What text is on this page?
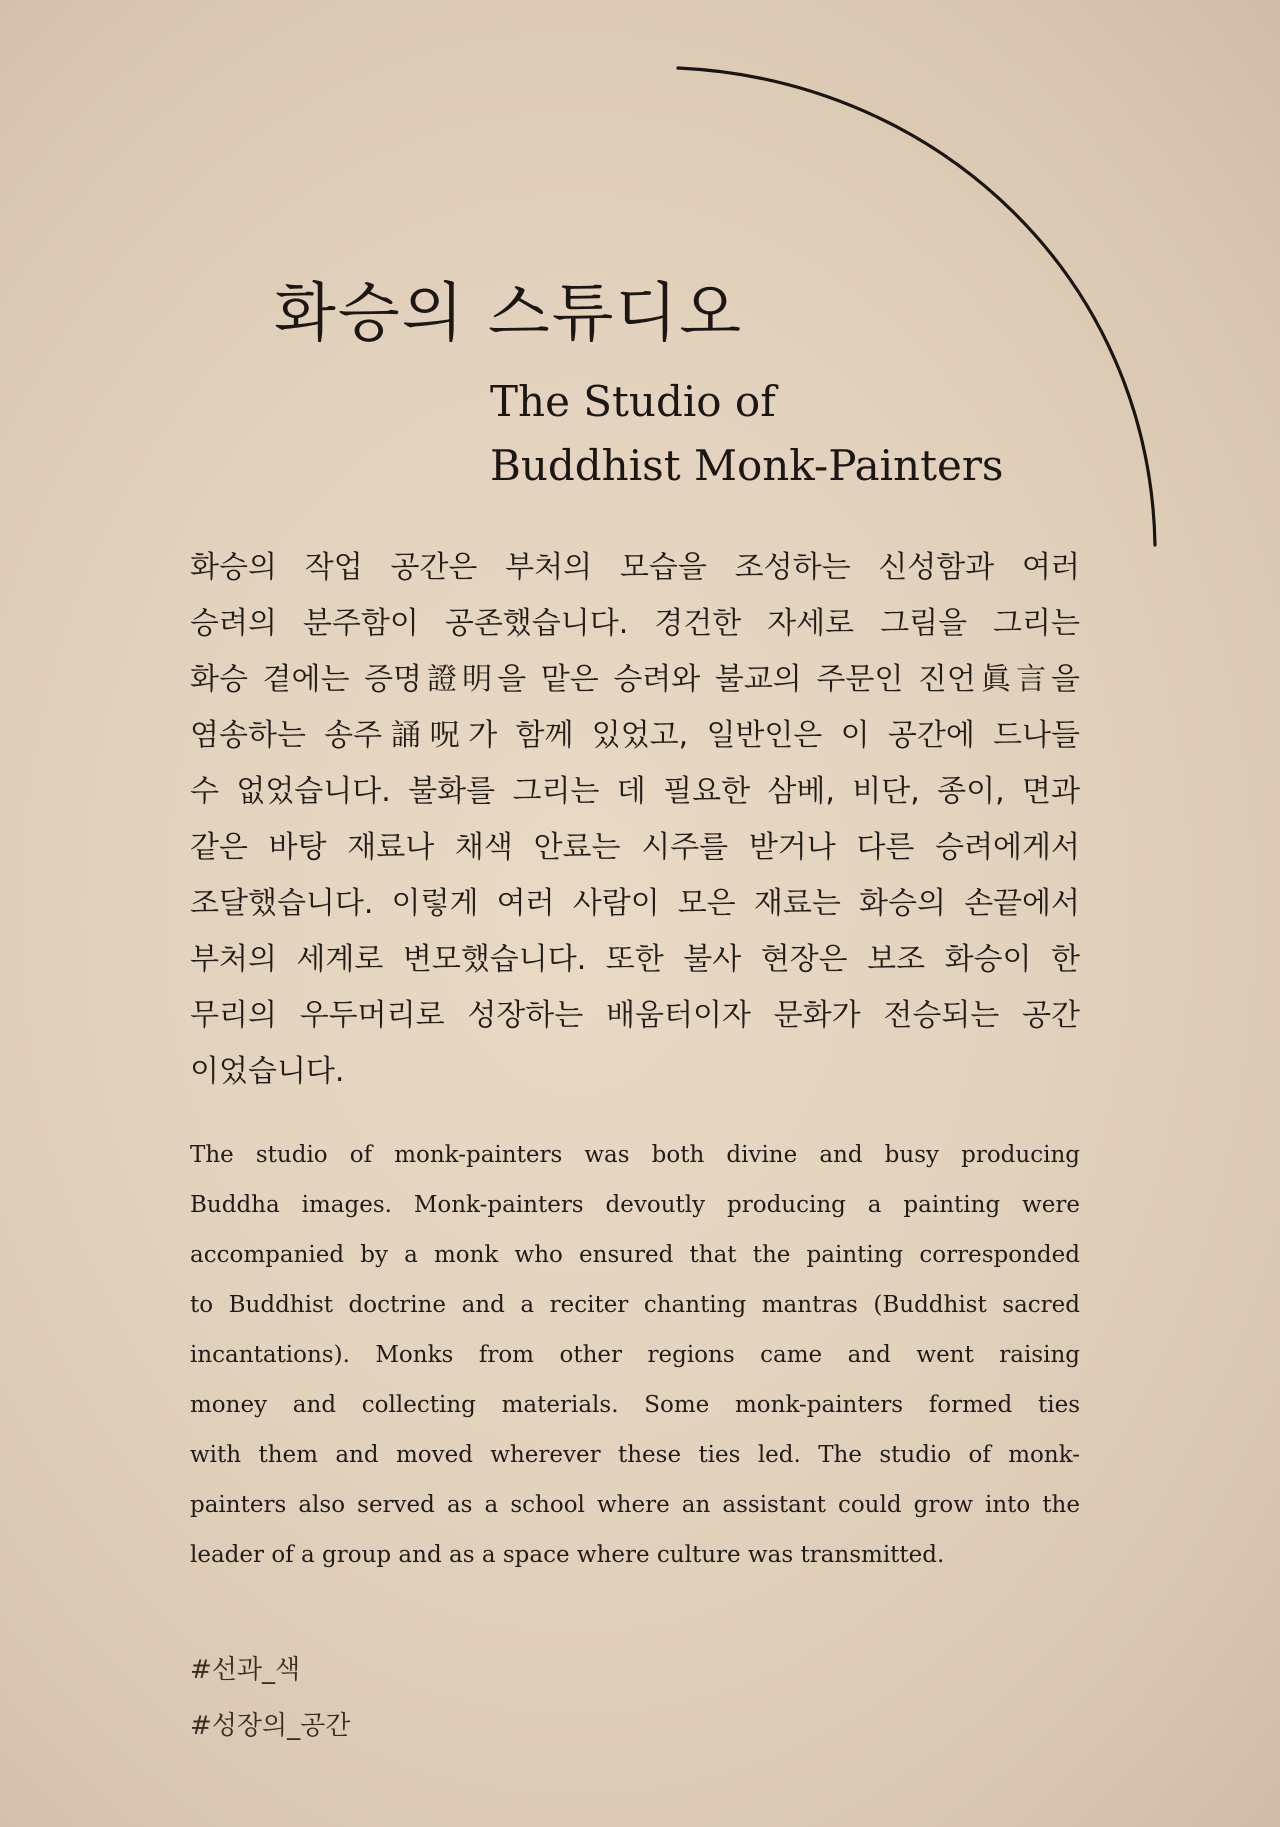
화승의 스튜디오
The Studio of
Buddhist Monk-Painters
화승의 작업 공간은 부처의 모습을 조성하는 신성함과 여러
승려의 분주함이 공존했습니다. 경건한 자세로 그림을 그리는
화승 곁에는 증명證明을 맡은 승려와 불교의 주문인 진언眞言을
염송하는 송주誦呪가 함께 있었고, 일반인은 이 공간에 드나들
수 없었습니다. 불화를 그리는 데 필요한 삼베, 비단, 종이, 면과
같은 바탕 재료나 채색 안료는 시주를 받거나 다른 승려에게서
조달했습니다. 이렇게 여러 사람이 모은 재료는 화승의 손끝에서
부처의 세계로 변모했습니다. 또한 불사 현장은 보조 화승이 한
무리의 우두머리로 성장하는 배움터이자 문화가 전승되는 공간
이었습니다.
The studio of monk-painters was both divine and busy producing
Buddha images. Monk-painters devoutly producing a painting were
accompanied by a monk who ensured that the painting corresponded
to Buddhist doctrine and a reciter chanting mantras (Buddhist sacred
incantations). Monks from other regions came and went raising
money and collecting materials. Some monk-painters formed ties
with them and moved wherever these ties led. The studio of monk-
painters also served as a school where an assistant could grow into the
leader of a group and as a space where culture was transmitted.
#선과_색
#성장의_공간
